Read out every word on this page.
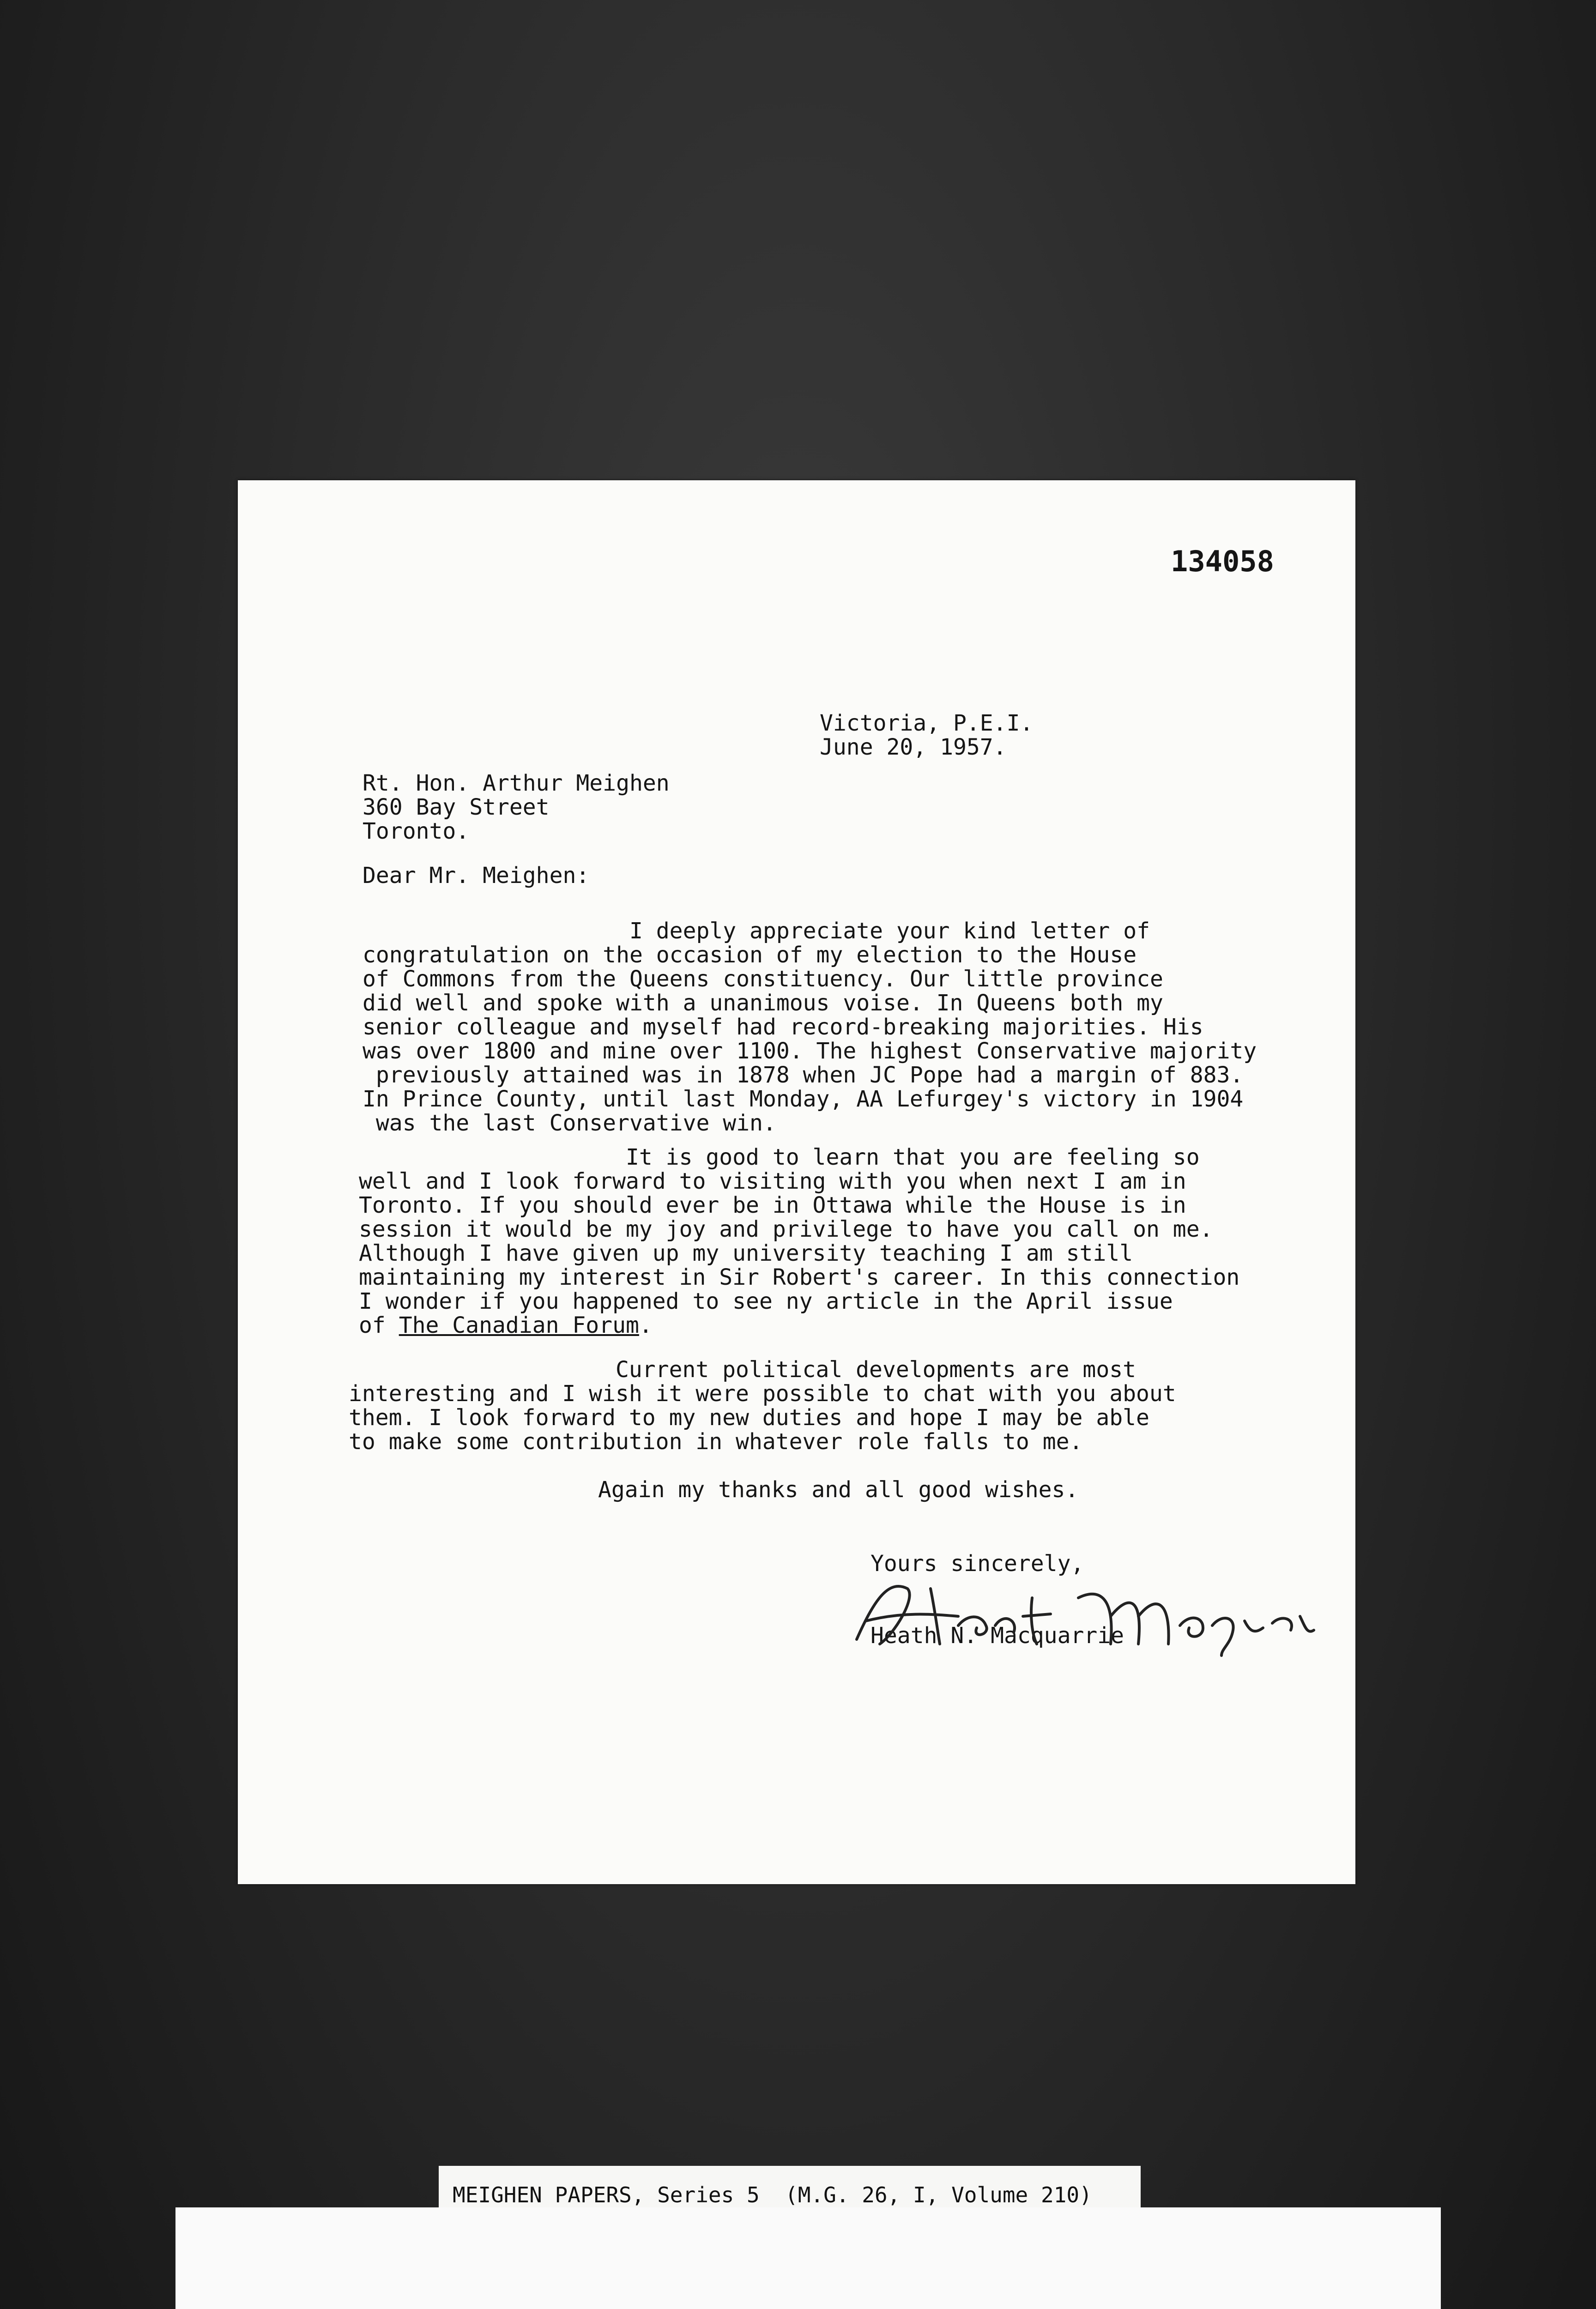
134058
Victoria, P.E.I.
June 20, 1957.
Rt. Hon. Arthur Meighen
360 Bay Street
Toronto.
Dear Mr. Meighen:
I deeply appreciate your kind letter of
congratulation on the occasion of my election to the House
of Commons from the Queens constituency. Our little province
did well and spoke with a unanimous voise. In Queens both my
senior colleague and myself had record-breaking majorities. His
was over 1800 and mine over 1100. The highest Conservative majority
previously attained was in 1878 when JC Pope had a margin of 883.
In Prince County, until last Monday, AA Lefurgey's victory in 1904
was the last Conservative win.
It is good to learn that you are feeling so
well and I look forward to visiting with you when next I am in
Toronto. If you should ever be in Ottawa while the House is in
session it would be my joy and privilege to have you call on me.
Although I have given up my university teaching I am still
maintaining my interest in Sir Robert's career. In this connection
I wonder if you happened to see ny article in the April issue
of The Canadian Forum.
Current political developments are most
interesting and I wish it were possible to chat with you about
them. I look forward to my new duties and hope I may be able
to make some contribution in whatever role falls to me.
Again my thanks and all good wishes.
Yours sincerely,

Heath N. Macquarrie
MEIGHEN PAPERS, Series 5  (M.G. 26, I, Volume 210)
